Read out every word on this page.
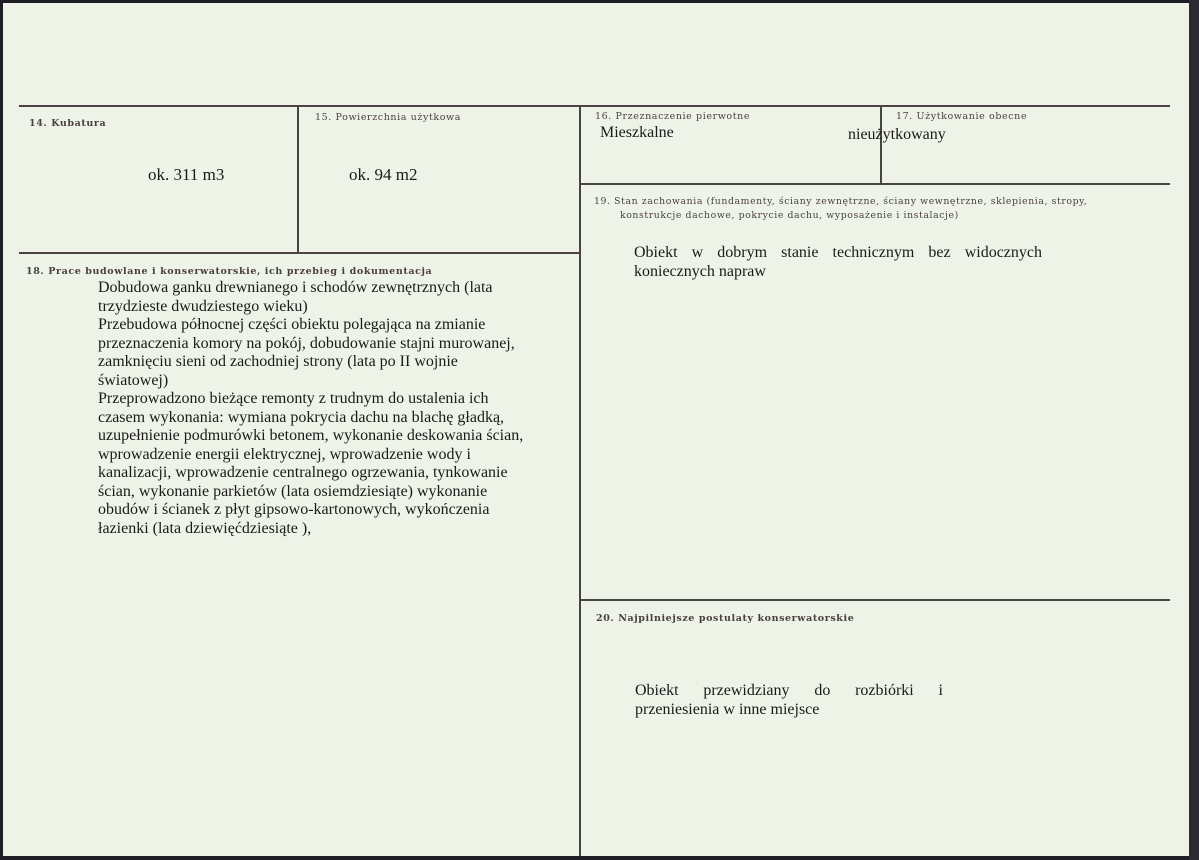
14. Kubatura
ok. 311 m3
15. Powierzchnia użytkowa
ok. 94 m2
16. Przeznaczenie pierwotne
Mieszkalne
17. Użytkowanie obecne
nieużytkowany
19. Stan zachowania (fundamenty, ściany zewnętrzne, ściany wewnętrzne, sklepienia, stropy,
konstrukcje dachowe, pokrycie dachu, wyposażenie i instalacje)
Obiekt w dobrym stanie technicznym bez widocznych
koniecznych napraw
18. Prace budowlane i konserwatorskie, ich przebieg i dokumentacja
Dobudowa ganku drewnianego i schodów zewnętrznych (lata
trzydzieste dwudziestego wieku)
Przebudowa północnej części obiektu polegająca na zmianie
przeznaczenia komory na pokój, dobudowanie stajni murowanej,
zamknięciu sieni od zachodniej strony (lata po II wojnie
światowej)
Przeprowadzono bieżące remonty z trudnym do ustalenia ich
czasem wykonania: wymiana pokrycia dachu na blachę gładką,
uzupełnienie podmurówki betonem, wykonanie deskowania ścian,
wprowadzenie energii elektrycznej, wprowadzenie wody i
kanalizacji, wprowadzenie centralnego ogrzewania, tynkowanie
ścian, wykonanie parkietów (lata osiemdziesiąte) wykonanie
obudów i ścianek z płyt gipsowo-kartonowych, wykończenia
łazienki (lata dziewięćdziesiąte ),
20. Najpilniejsze postulaty konserwatorskie
Obiekt przewidziany do rozbiórki i
przeniesienia w inne miejsce
